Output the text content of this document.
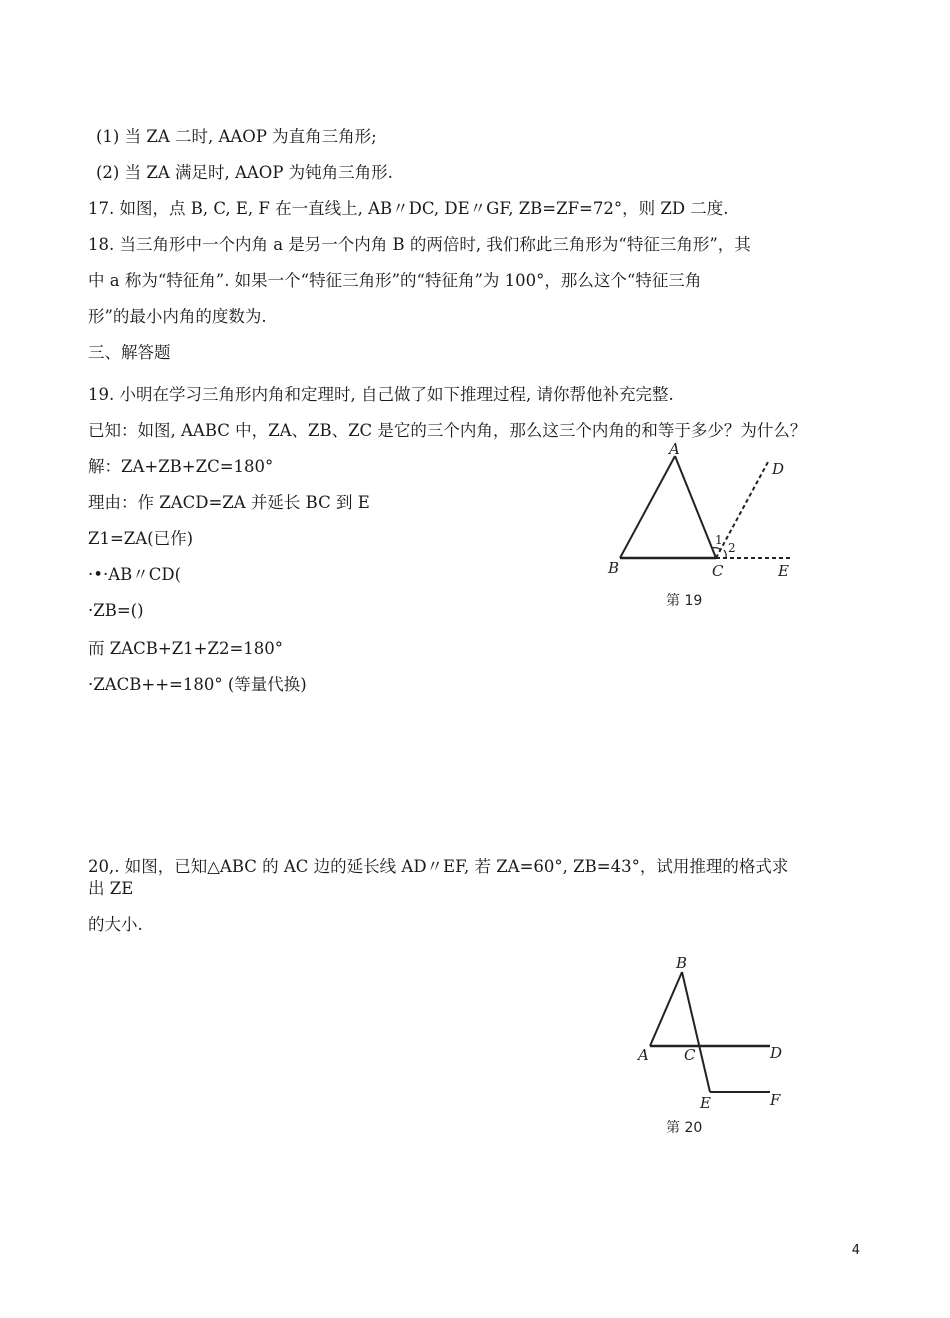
(1) 当 ZA 二时, AAOP 为直角三角形;
(2) 当 ZA 满足时, AAOP 为钝角三角形.
17. 如图，点 B, C, E, F 在一直线上, AB〃DC, DE〃GF, ZB=ZF=72°，则 ZD 二度.
18. 当三角形中一个内角 a 是另一个内角 B 的两倍时, 我们称此三角形为“特征三角形”，其
中 a 称为“特征角”. 如果一个“特征三角形”的“特征角”为 100°，那么这个“特征三角
形”的最小内角的度数为.
三、解答题
19. 小明在学习三角形内角和定理时, 自己做了如下推理过程, 请你帮他补充完整.
已知：如图, AABC 中，ZA、ZB、ZC 是它的三个内角，那么这三个内角的和等于多少？为什么？
解：ZA+ZB+ZC=180°
理由：作 ZACD=ZA 并延长 BC 到 E
Z1=ZA(已作)
·•·AB〃CD(
·ZB=()
而 ZACB+Z1+Z2=180°
·ZACB++=180° (等量代换)
20,. 如图，已知△ABC 的 AC 边的延长线 AD〃EF, 若 ZA=60°, ZB=43°，试用推理的格式求
出 ZE
的大小.
A
B	C
D
E
1
2
第 19
B
A C	D
E	F
第 20
4
